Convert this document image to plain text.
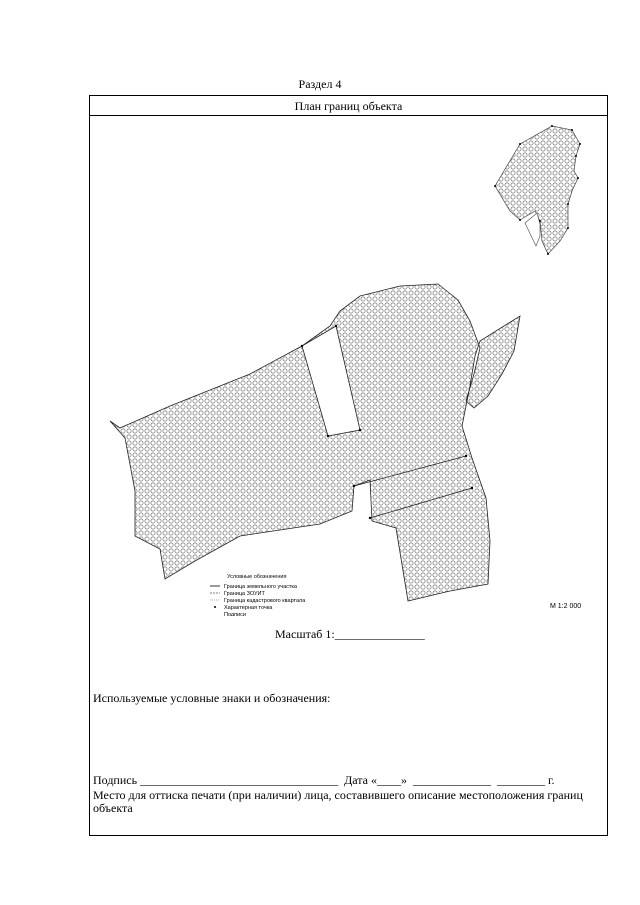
Раздел 4
План границ объекта
Условные обозначения
Граница земельного участка
Граница ЗОУИТ
Граница кадастрового квартала
Характерная точка
Подписи
М 1:2 000
Масштаб 1:_______________
Используемые условные знаки и обозначения:
Подпись _________________________________  Дата «____»  _____________  ________ г.
Место для оттиска печати (при наличии) лица, составившего описание местоположения границ объекта
